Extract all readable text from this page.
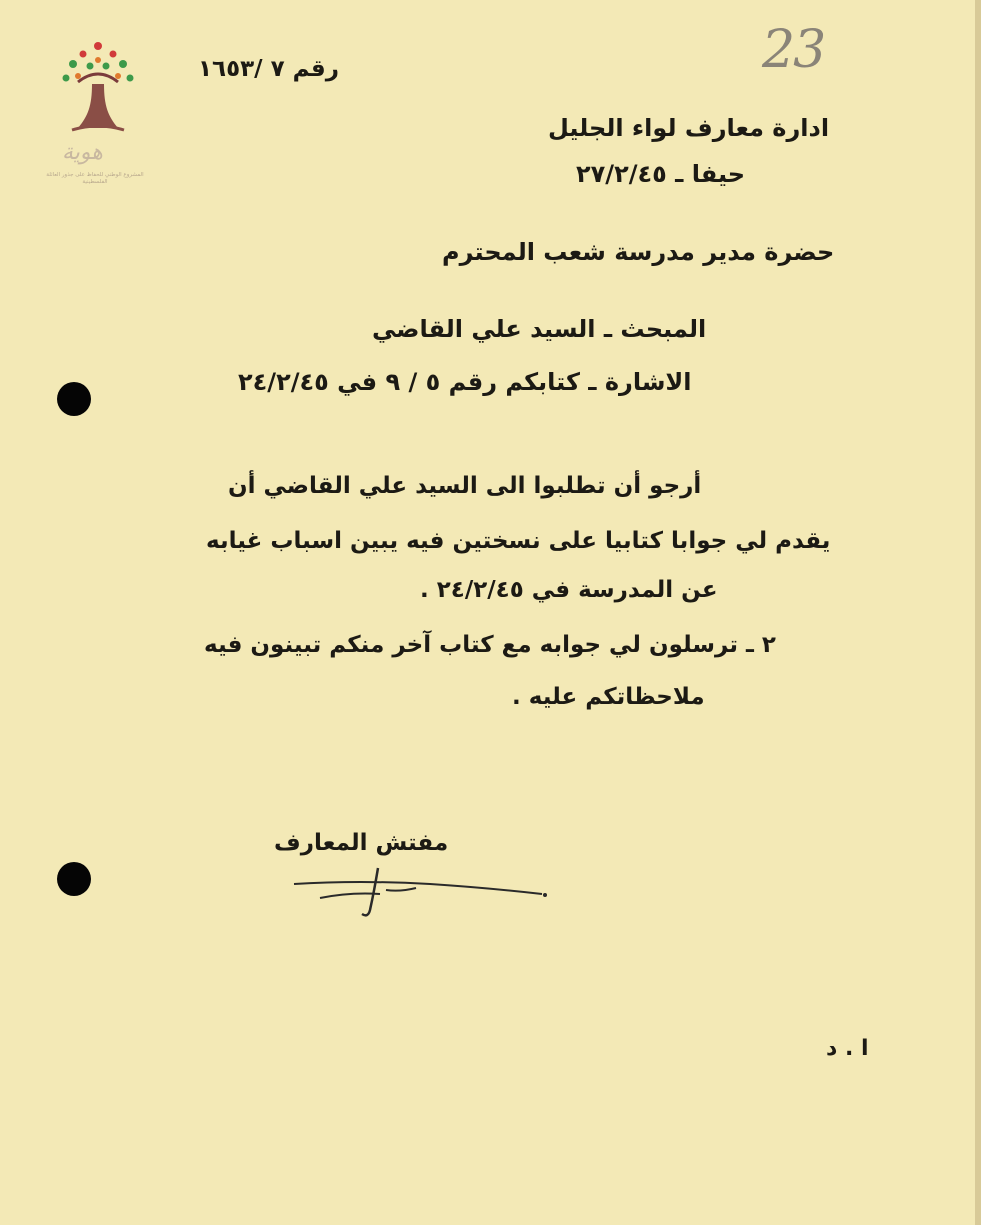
هوية
المشروع الوطني للحفاظ على جذور العائلة الفلسطينية
23
رقم ٧ /١٦٥٣
ادارة معارف لواء الجليل
حيفا ـ ٢٧/٢/٤٥
حضرة مدير مدرسة شعب المحترم
المبحث ـ السيد علي القاضي
الاشارة ـ كتابكم رقم ٥ / ٩ في ٢٤/٢/٤٥
أرجو أن تطلبوا الى السيد علي القاضي أن
يقدم لي جوابا كتابيا على نسختين فيه يبين اسباب غيابه
عن المدرسة في ٢٤/٢/٤٥ .
٢ ـ ترسلون لي جوابه مع كتاب آخر منكم تبينون فيه
ملاحظاتكم عليه .
مفتش المعارف
ا . د
